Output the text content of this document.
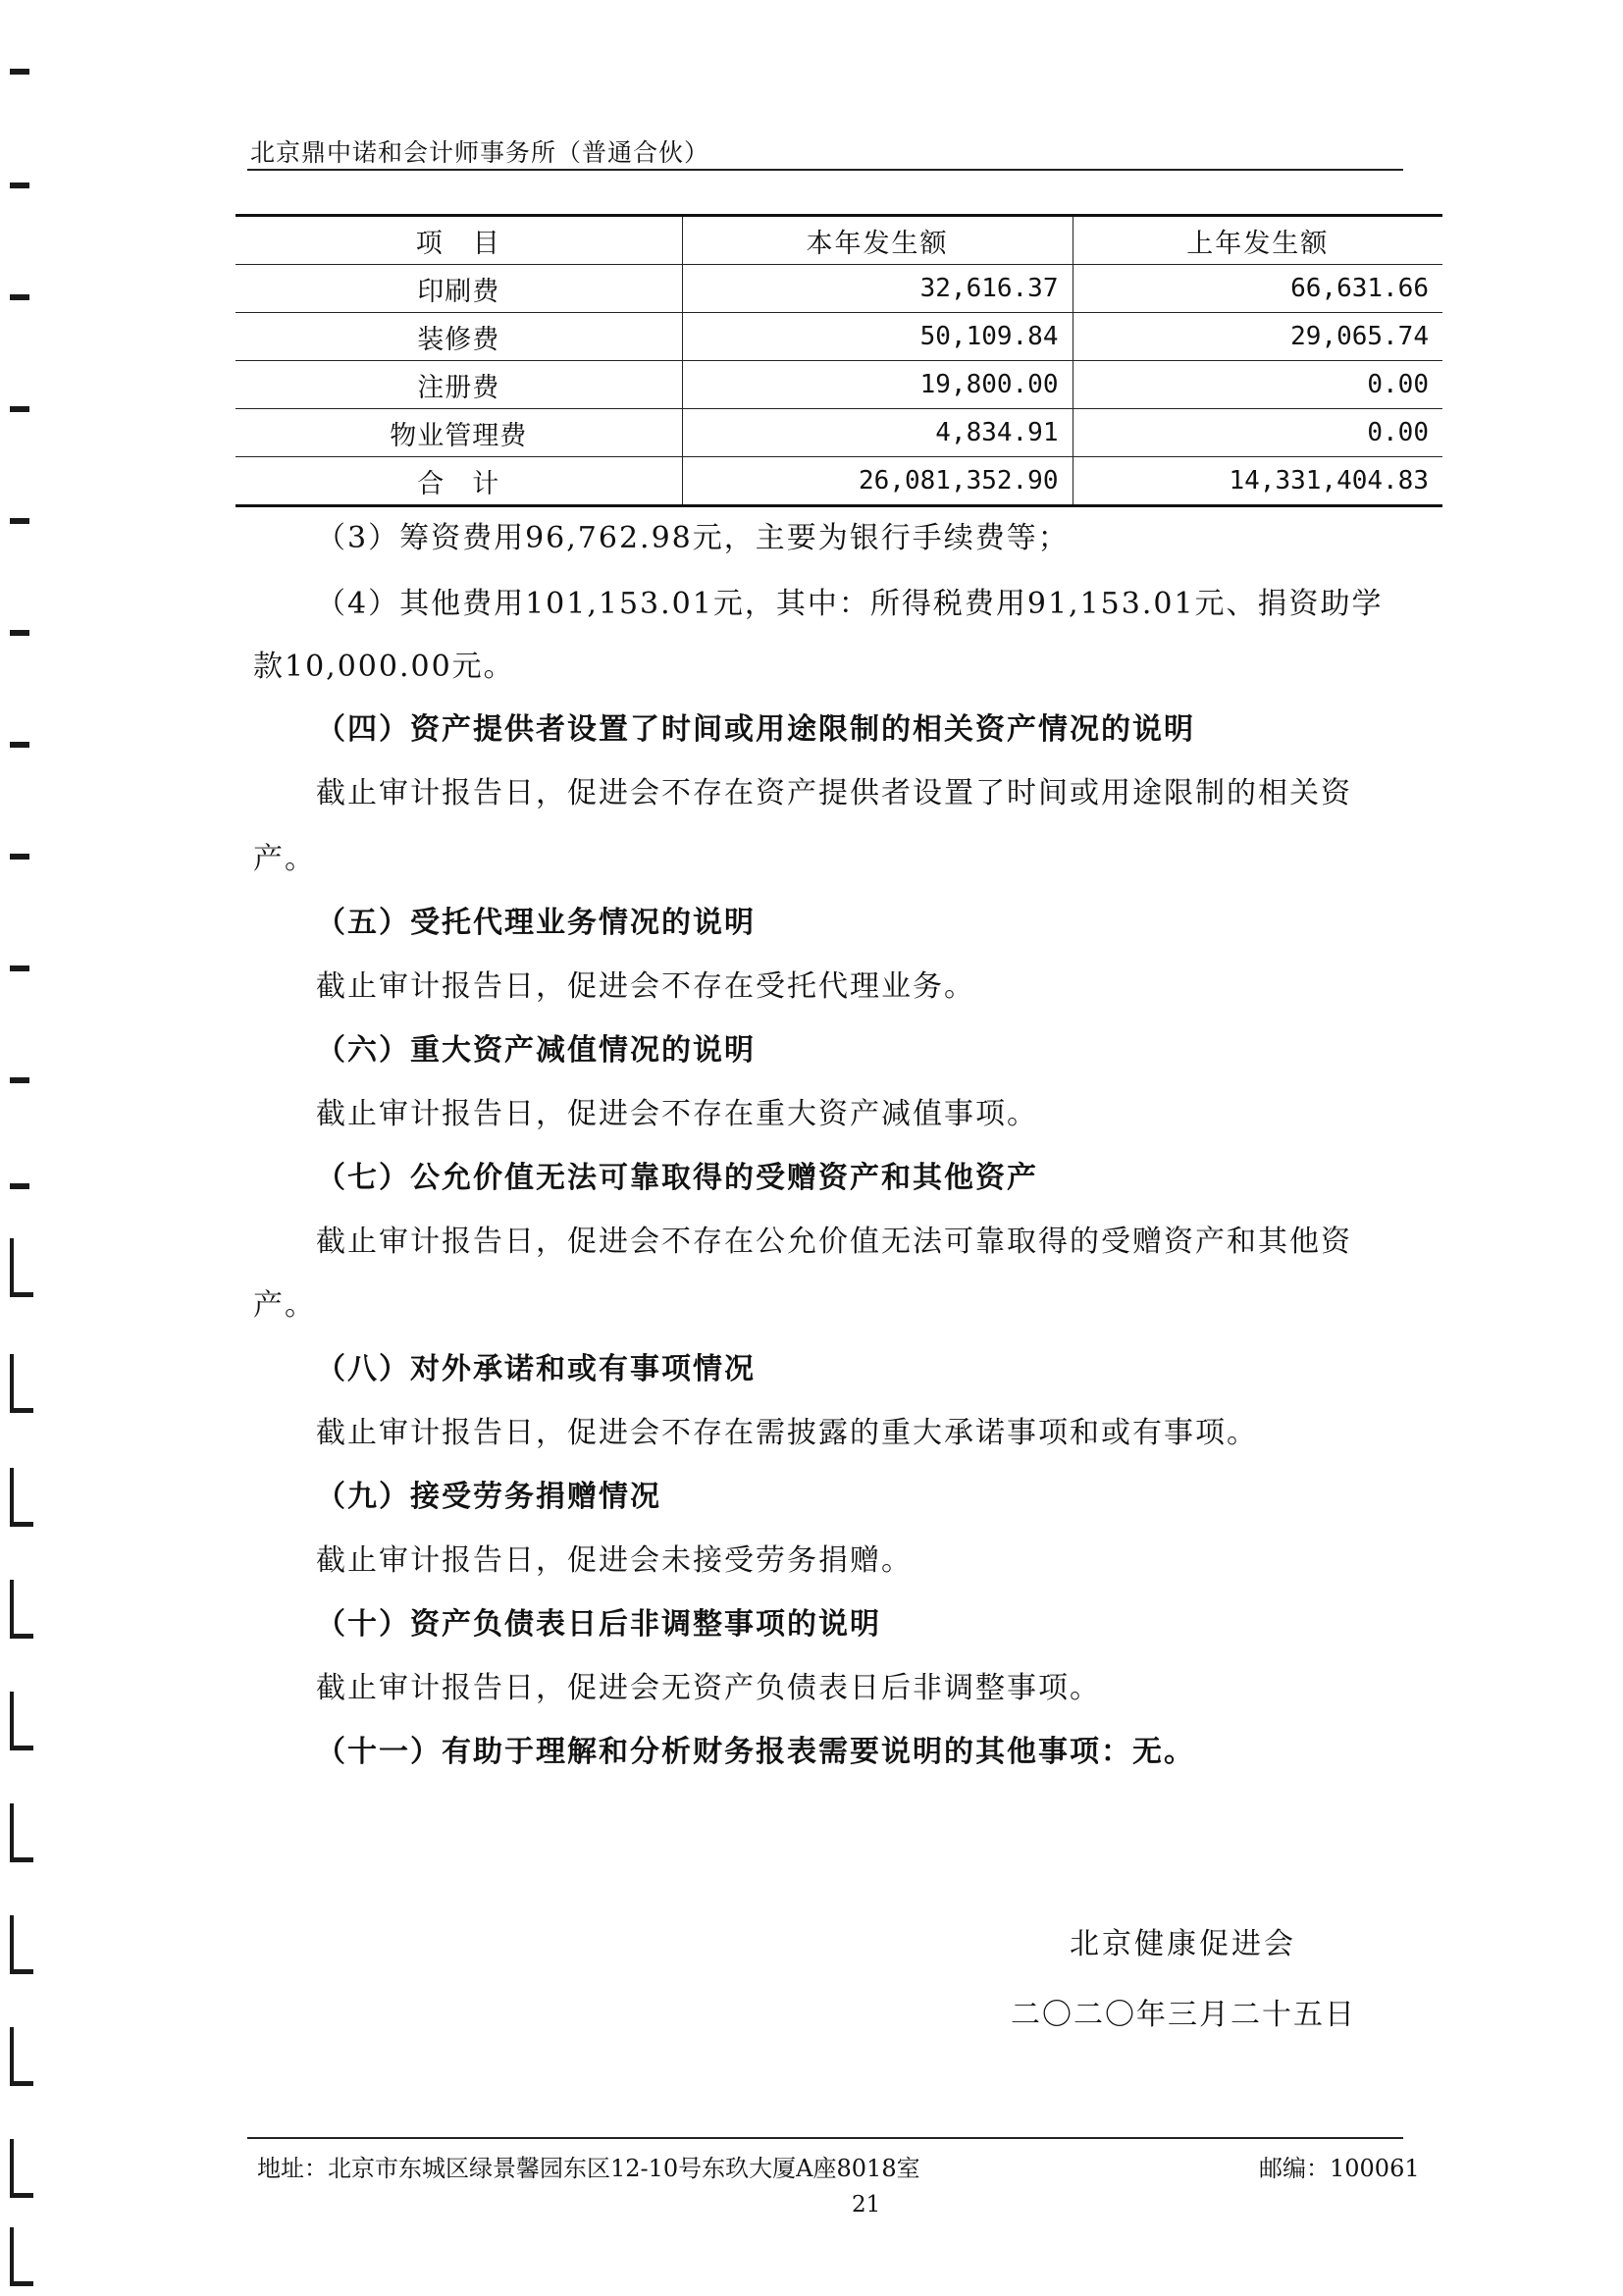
北京鼎中诺和会计师事务所（普通合伙）
项　目	本年发生额	上年发生额
印刷费	32,616.37	66,631.66
装修费	50,109.84	29,065.74
注册费	19,800.00	0.00
物业管理费	4,834.91	0.00
合　计	26,081,352.90	14,331,404.83
（3）筹资费用96,762.98元，主要为银行手续费等；
（4）其他费用101,153.01元，其中：所得税费用91,153.01元、捐资助学
款10,000.00元。
（四）资产提供者设置了时间或用途限制的相关资产情况的说明
截止审计报告日，促进会不存在资产提供者设置了时间或用途限制的相关资
产。
（五）受托代理业务情况的说明
截止审计报告日，促进会不存在受托代理业务。
（六）重大资产减值情况的说明
截止审计报告日，促进会不存在重大资产减值事项。
（七）公允价值无法可靠取得的受赠资产和其他资产
截止审计报告日，促进会不存在公允价值无法可靠取得的受赠资产和其他资
产。
（八）对外承诺和或有事项情况
截止审计报告日，促进会不存在需披露的重大承诺事项和或有事项。
（九）接受劳务捐赠情况
截止审计报告日，促进会未接受劳务捐赠。
（十）资产负债表日后非调整事项的说明
截止审计报告日，促进会无资产负债表日后非调整事项。
（十一）有助于理解和分析财务报表需要说明的其他事项：无。
北京健康促进会
二〇二〇年三月二十五日
地址：北京市东城区绿景馨园东区12-10号东玖大厦A座8018室	邮编：100061
21
